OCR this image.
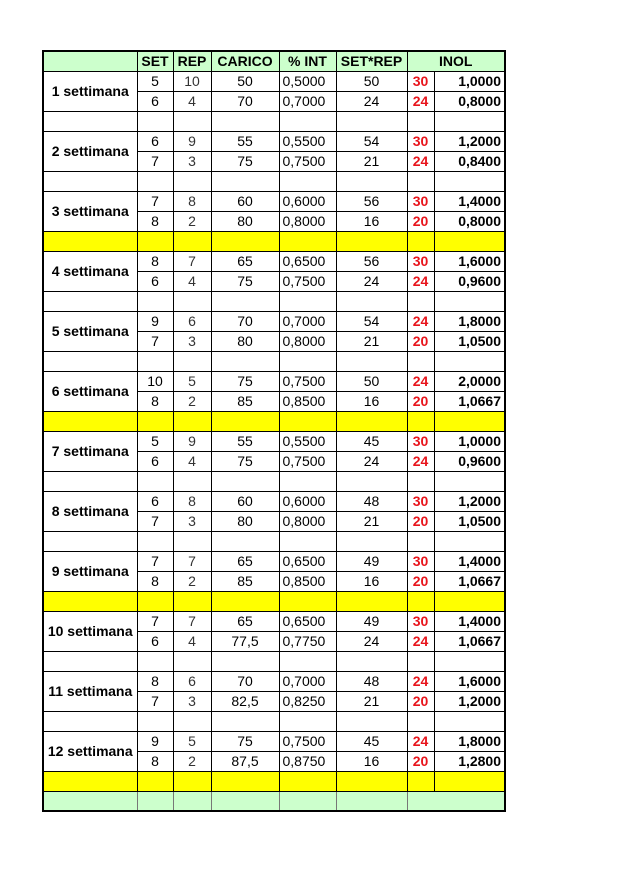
	SET	REP	CARICO	% INT	SET*REP	INOL	
1 settimana	5	10	50	0,5000	50	30	1,0000
	6	4	70	0,7000	24	24	0,8000

2 settimana	6	9	55	0,5500	54	30	1,2000
	7	3	75	0,7500	21	24	0,8400

3 settimana	7	8	60	0,6000	56	30	1,4000
	8	2	80	0,8000	16	20	0,8000

4 settimana	8	7	65	0,6500	56	30	1,6000
	6	4	75	0,7500	24	24	0,9600

5 settimana	9	6	70	0,7000	54	24	1,8000
	7	3	80	0,8000	21	20	1,0500

6 settimana	10	5	75	0,7500	50	24	2,0000
	8	2	85	0,8500	16	20	1,0667

7 settimana	5	9	55	0,5500	45	30	1,0000
	6	4	75	0,7500	24	24	0,9600

8 settimana	6	8	60	0,6000	48	30	1,2000
	7	3	80	0,8000	21	20	1,0500

9 settimana	7	7	65	0,6500	49	30	1,4000
	8	2	85	0,8500	16	20	1,0667

10 settimana	7	7	65	0,6500	49	30	1,4000
	6	4	77,5	0,7750	24	24	1,0667

11 settimana	8	6	70	0,7000	48	24	1,6000
	7	3	82,5	0,8250	21	20	1,2000

12 settimana	9	5	75	0,7500	45	24	1,8000
	8	2	87,5	0,8750	16	20	1,2800
